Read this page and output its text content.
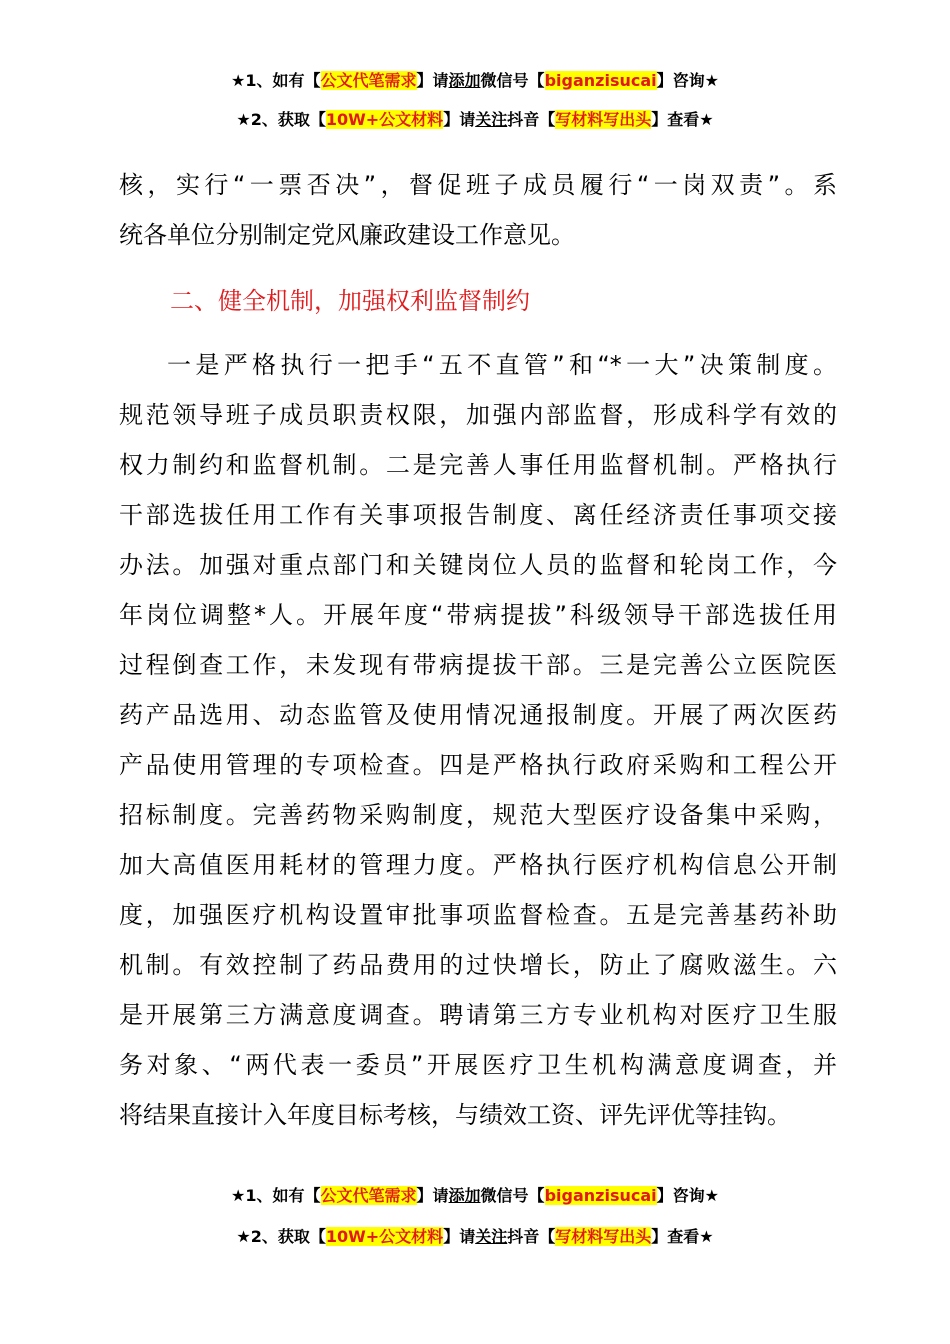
★1、如有【公文代笔需求】请添加微信号【biganzisucai】咨询★
★2、获取【10W+公文材料】请关注抖音【写材料写出头】查看★
核，实行“一票否决”，督促班子成员履行“一岗双责”。系
统各单位分别制定党风廉政建设工作意见。
二、健全机制，加强权利监督制约
一是严格执行一把手“五不直管”和“*一大”决策制度。
规范领导班子成员职责权限，加强内部监督，形成科学有效的
权力制约和监督机制。二是完善人事任用监督机制。严格执行
干部选拔任用工作有关事项报告制度、离任经济责任事项交接
办法。加强对重点部门和关键岗位人员的监督和轮岗工作，今
年岗位调整*人。开展年度“带病提拔”科级领导干部选拔任用
过程倒查工作，未发现有带病提拔干部。三是完善公立医院医
药产品选用、动态监管及使用情况通报制度。开展了两次医药
产品使用管理的专项检查。四是严格执行政府采购和工程公开
招标制度。完善药物采购制度，规范大型医疗设备集中采购，
加大高值医用耗材的管理力度。严格执行医疗机构信息公开制
度，加强医疗机构设置审批事项监督检查。五是完善基药补助
机制。有效控制了药品费用的过快增长，防止了腐败滋生。六
是开展第三方满意度调查。聘请第三方专业机构对医疗卫生服
务对象、“两代表一委员”开展医疗卫生机构满意度调查，并
将结果直接计入年度目标考核，与绩效工资、评先评优等挂钩。
★1、如有【公文代笔需求】请添加微信号【biganzisucai】咨询★
★2、获取【10W+公文材料】请关注抖音【写材料写出头】查看★
